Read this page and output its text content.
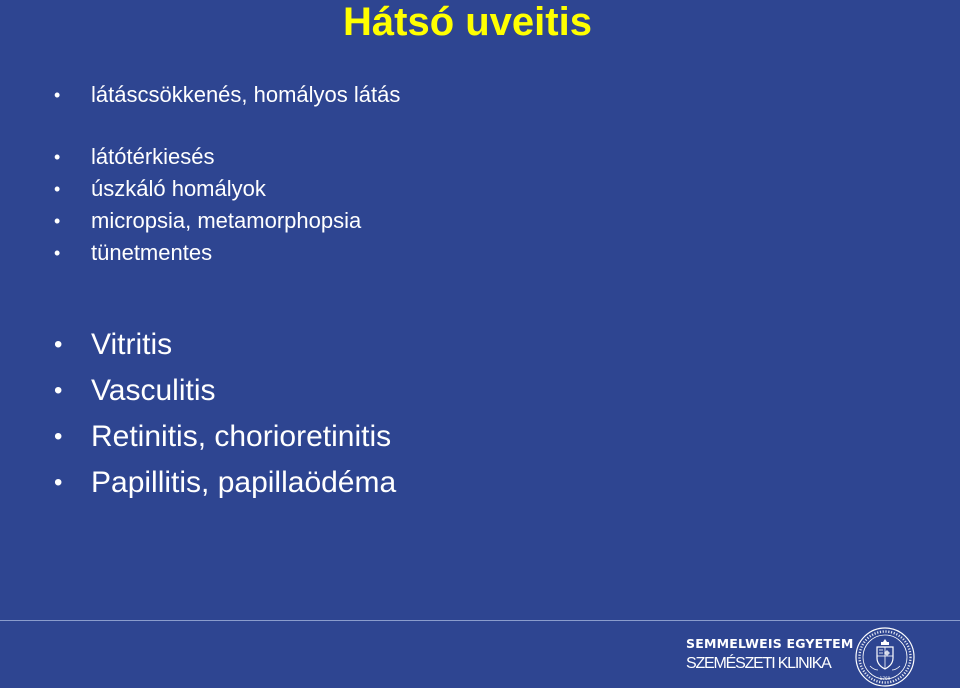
Hátsó uveitis
• látáscsökkenés, homályos látás
• látótérkiesés
• úszkáló homályok
• micropsia, metamorphopsia
• tünetmentes
• Vitritis
• Vasculitis
• Retinitis, chorioretinitis
• Papillitis, papillaödéma
SEMMELWEIS EGYETEM
SZEMÉSZETI KLINIKA
1769
